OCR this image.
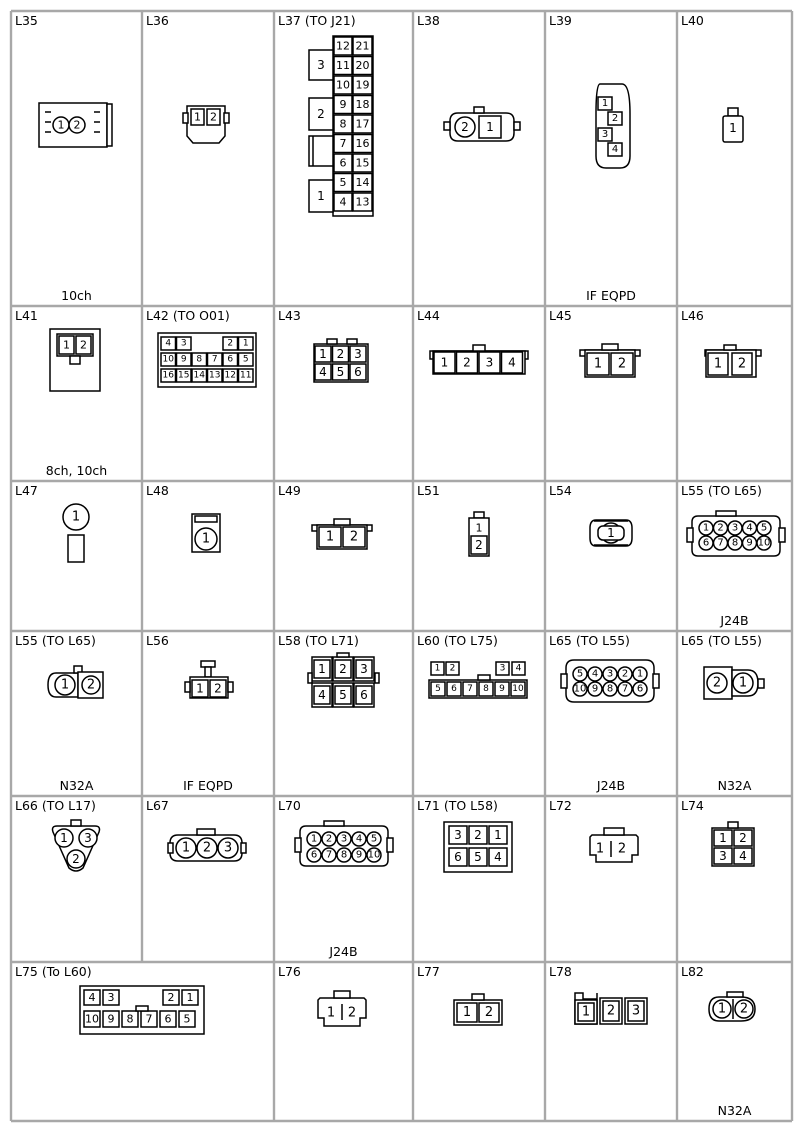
L35
10ch
L36	L37 (TO J21)	L38	L39
IF EQPD
L40
L41
8ch, 10ch
L42 (TO O01)	L43	L44	L45	L46
L47	L48	L49	L51	L54	L55 (TO L65)
J24B
L55 (TO L65)
N32A
L56
IF EQPD
L58 (TO L71)	L60 (TO L75)	L65 (TO L55)
J24B
L65 (TO L55)
N32A
L66 (TO L17)	L67	L70
J24B
L71 (TO L58)	L72	L74
L75 (To L60)	L76	L77	L78	L82
N32A
1 2
1 2
12 21
11 20
10 19
9 18
8 17
7 16
6 15
5 14
4 13
3
2
1
2 1
1
2
3
4
1
1 2	4 3	2 1
10 9 8 7 6 5
16 15 14 13 12 11
1 2 3
4 5 6
1 2 3 4	1 2	1 2
1
1	1 2
1
2
1	1 2 3 4 5
6 7 8 9 10
1 2	1 2
1
4
2
5
3
6
1 2	3 4
5 6 7 8 9 10
5 4 3 2 1
10 9 8 7 6	2 1
1 3
2
1 2 3
1 2 3 4 5
6 7 8 9 10
3 2 1
6 5 4
1 2
1 2
3 4
4 3	2 1
10 9 8 7 6 5	1 2	1 2	1 2 3	1 2
